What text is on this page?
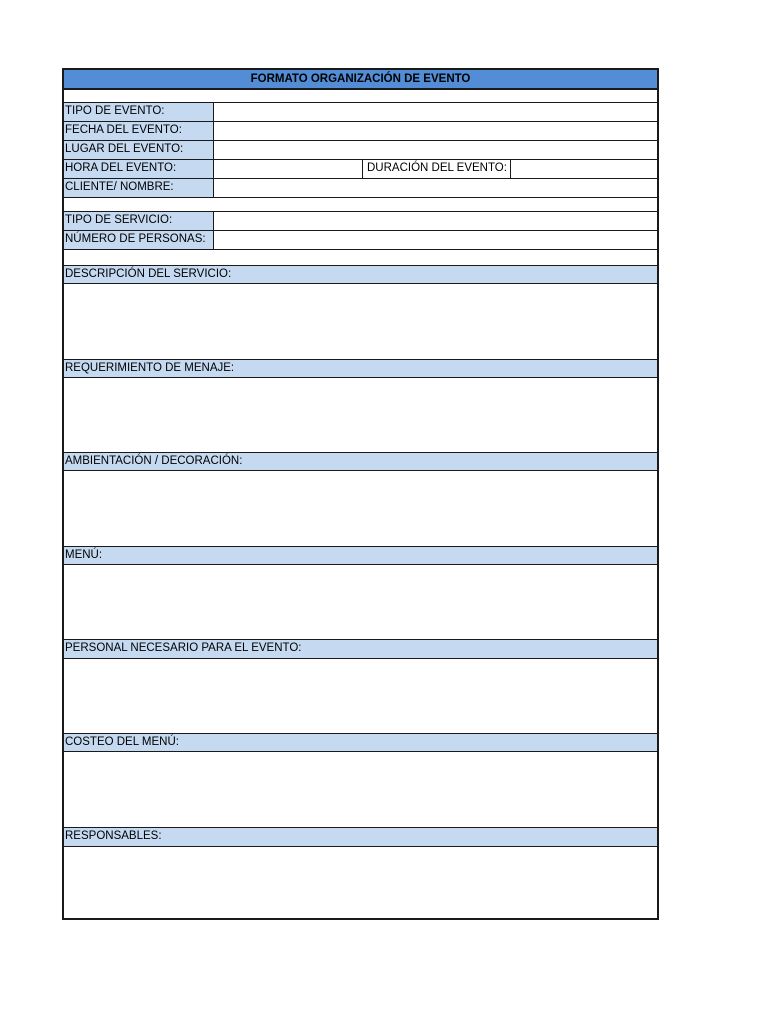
FORMATO ORGANIZACIÓN DE EVENTO
TIPO DE EVENTO:
FECHA DEL EVENTO:
LUGAR DEL EVENTO:
HORA DEL EVENTO:	DURACIÓN DEL EVENTO:
CLIENTE/ NOMBRE:
TIPO DE SERVICIO:
NÚMERO DE PERSONAS:
DESCRIPCIÓN DEL SERVICIO:
REQUERIMIENTO DE MENAJE:
AMBIENTACIÓN / DECORACIÓN:
MENÚ:
PERSONAL NECESARIO PARA EL EVENTO:
COSTEO DEL MENÚ:
RESPONSABLES:
